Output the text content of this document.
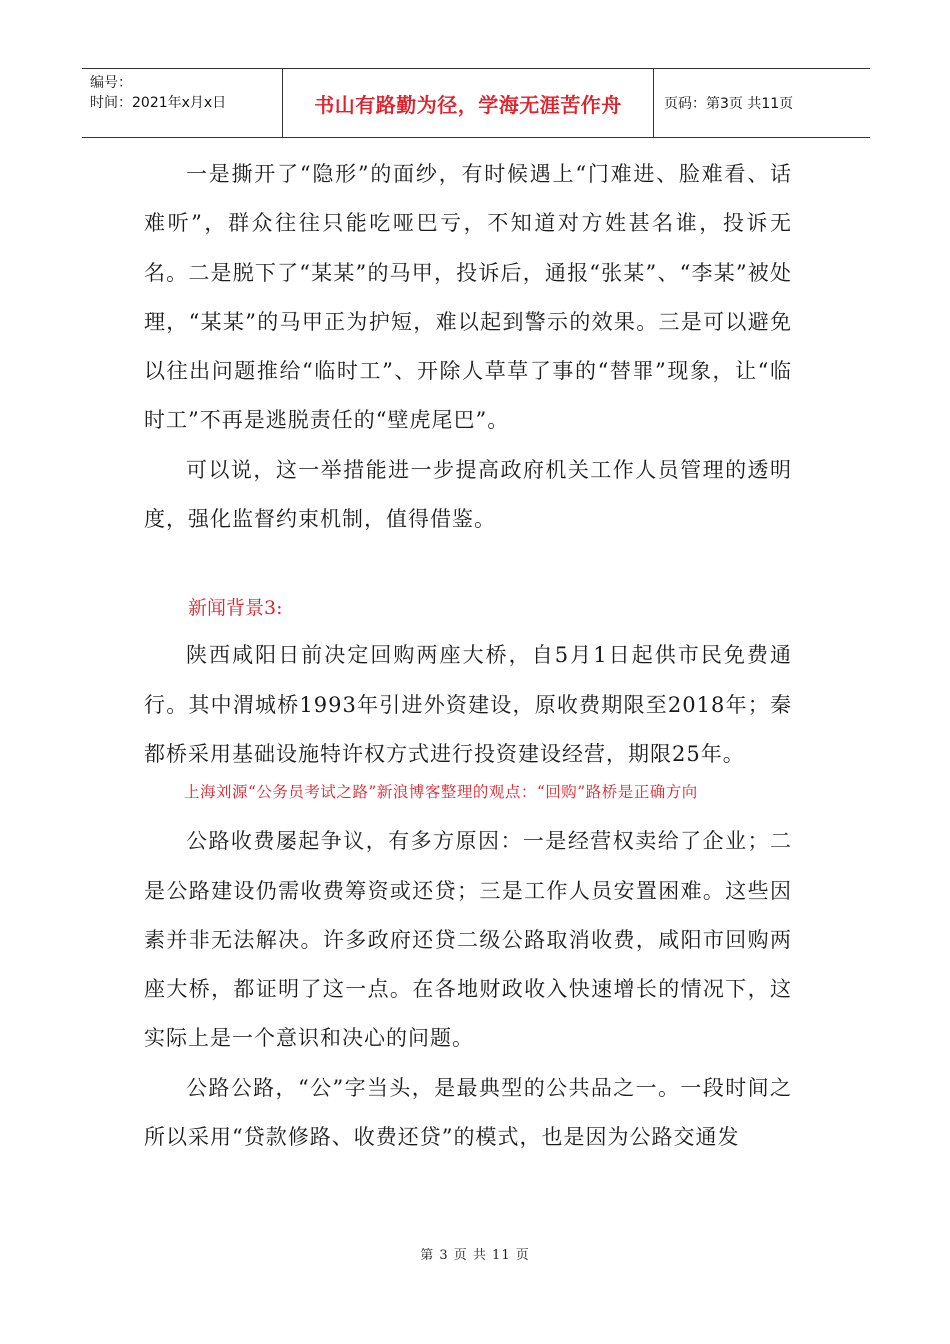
编号：
时间：2021年x月x日	书山有路勤为径，学海无涯苦作舟	页码：第3页 共11页

一是撕开了“隐形”的面纱，有时候遇上“门难进、脸难看、话难听”，群众往往只能吃哑巴亏，不知道对方姓甚名谁，投诉无名。二是脱下了“某某”的马甲，投诉后，通报“张某”、“李某”被处理，“某某”的马甲正为护短，难以起到警示的效果。三是可以避免以往出问题推给“临时工”、开除人草草了事的“替罪”现象，让“临时工”不再是逃脱责任的“壁虎尾巴”。

可以说，这一举措能进一步提高政府机关工作人员管理的透明度，强化监督约束机制，值得借鉴。

新闻背景3:

陕西咸阳日前决定回购两座大桥，自5月1日起供市民免费通行。其中渭城桥1993年引进外资建设，原收费期限至2018年；秦都桥采用基础设施特许权方式进行投资建设经营，期限25年。

上海刘源“公务员考试之路”新浪博客整理的观点：“回购”路桥是正确方向

公路收费屡起争议，有多方原因：一是经营权卖给了企业；二是公路建设仍需收费筹资或还贷；三是工作人员安置困难。这些因素并非无法解决。许多政府还贷二级公路取消收费，咸阳市回购两座大桥，都证明了这一点。在各地财政收入快速增长的情况下，这实际上是一个意识和决心的问题。

公路公路，“公”字当头，是最典型的公共品之一。一段时间之所以采用“贷款修路、收费还贷”的模式，也是因为公路交通发

第 3 页 共 11 页
